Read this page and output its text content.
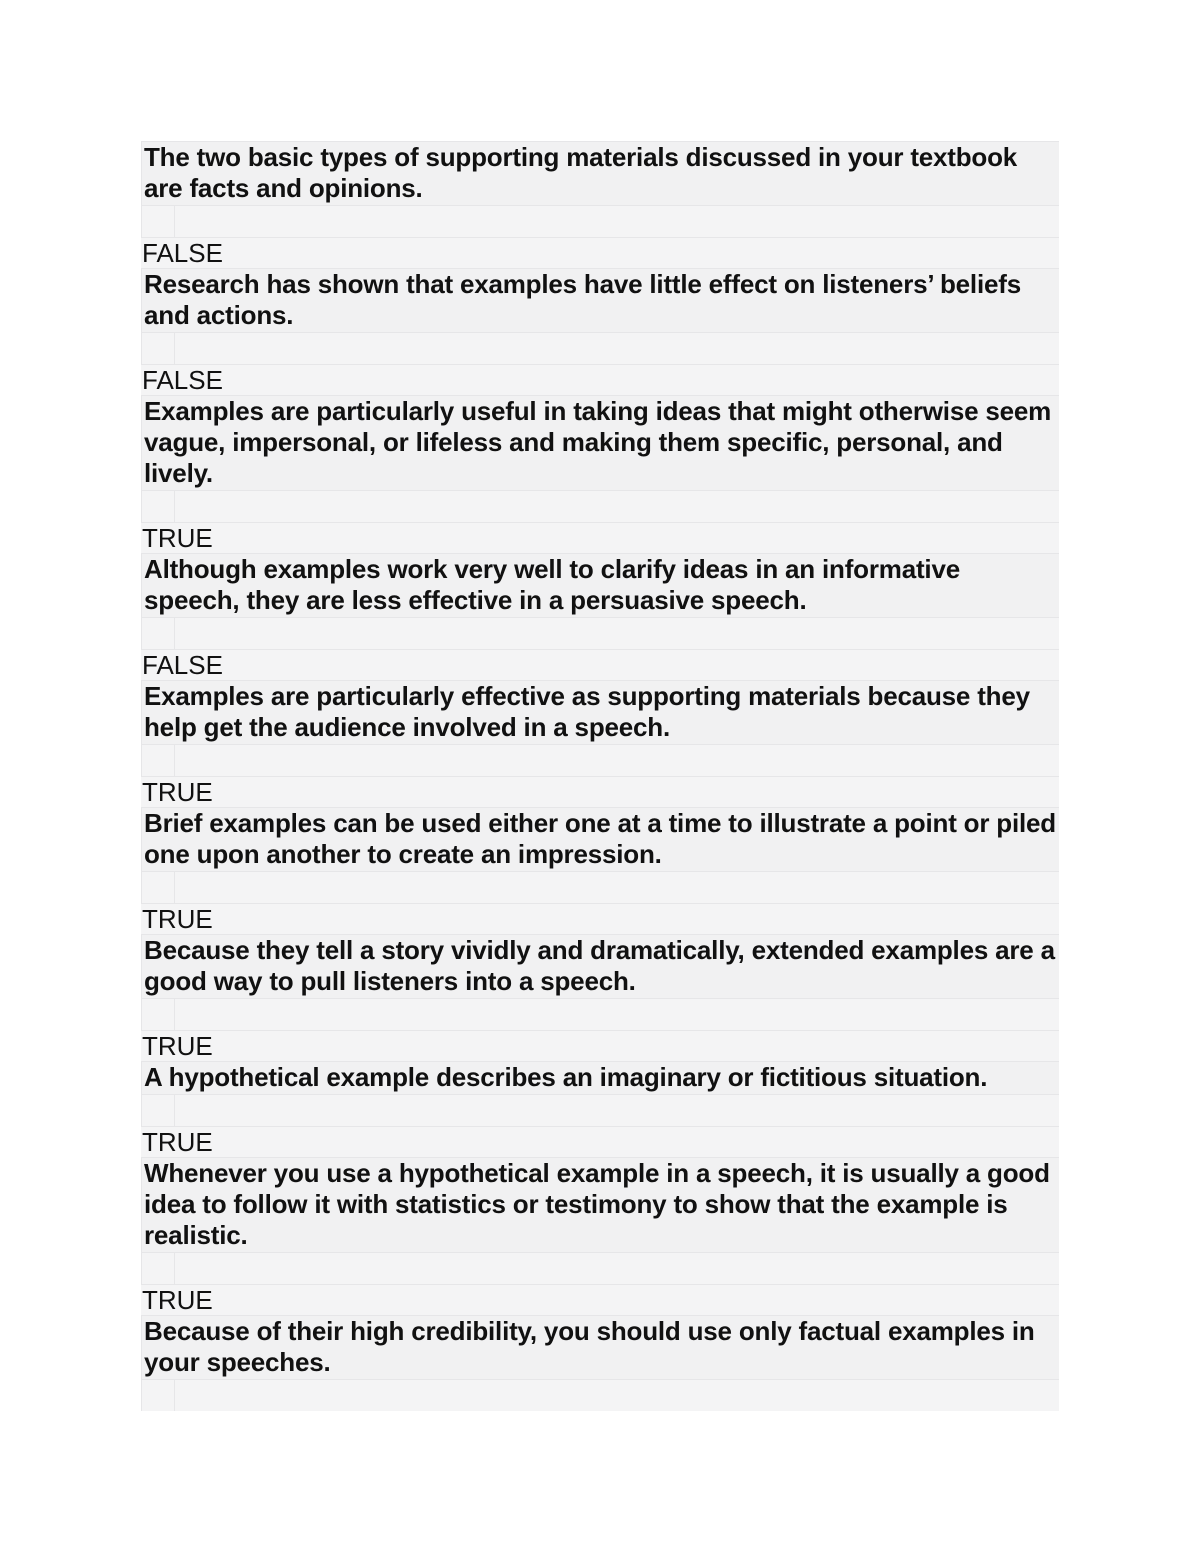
The two basic types of supporting materials discussed in your textbook are facts and opinions.
FALSE
Research has shown that examples have little effect on listeners’ beliefs and actions.
FALSE
Examples are particularly useful in taking ideas that might otherwise seem vague, impersonal, or lifeless and making them specific, personal, and lively.
TRUE
Although examples work very well to clarify ideas in an informative speech, they are less effective in a persuasive speech.
FALSE
Examples are particularly effective as supporting materials because they help get the audience involved in a speech.
TRUE
Brief examples can be used either one at a time to illustrate a point or piled one upon another to create an impression.
TRUE
Because they tell a story vividly and dramatically, extended examples are a good way to pull listeners into a speech.
TRUE
A hypothetical example describes an imaginary or fictitious situation.
TRUE
Whenever you use a hypothetical example in a speech, it is usually a good idea to follow it with statistics or testimony to show that the example is realistic.
TRUE
Because of their high credibility, you should use only factual examples in your speeches.
